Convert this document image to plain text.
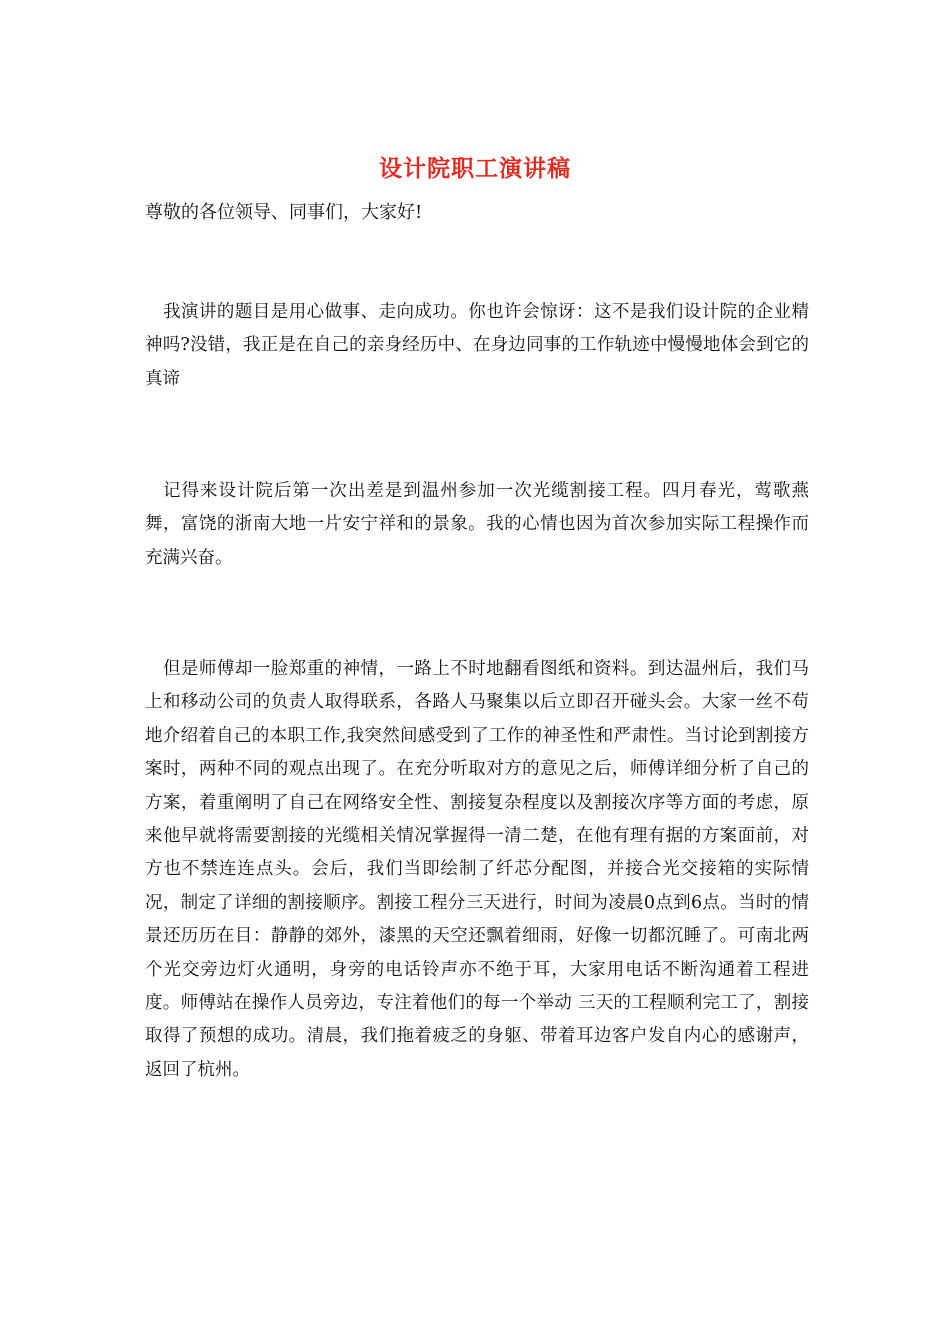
设计院职工演讲稿
尊敬的各位领导、同事们，大家好!

我演讲的题目是用心做事、走向成功。你也许会惊讶：这不是我们设计院的企业精神吗?没错，我正是在自己的亲身经历中、在身边同事的工作轨迹中慢慢地体会到它的真谛

记得来设计院后第一次出差是到温州参加一次光缆割接工程。四月春光，莺歌燕舞，富饶的浙南大地一片安宁祥和的景象。我的心情也因为首次参加实际工程操作而充满兴奋。

但是师傅却一脸郑重的神情，一路上不时地翻看图纸和资料。到达温州后，我们马上和移动公司的负责人取得联系，各路人马聚集以后立即召开碰头会。大家一丝不苟地介绍着自己的本职工作,我突然间感受到了工作的神圣性和严肃性。当讨论到割接方案时，两种不同的观点出现了。在充分听取对方的意见之后，师傅详细分析了自己的方案，着重阐明了自己在网络安全性、割接复杂程度以及割接次序等方面的考虑，原来他早就将需要割接的光缆相关情况掌握得一清二楚，在他有理有据的方案面前，对方也不禁连连点头。会后，我们当即绘制了纤芯分配图，并接合光交接箱的实际情况，制定了详细的割接顺序。割接工程分三天进行，时间为凌晨0点到6点。当时的情景还历历在目：静静的郊外，漆黑的天空还飘着细雨，好像一切都沉睡了。可南北两个光交旁边灯火通明，身旁的电话铃声亦不绝于耳，大家用电话不断沟通着工程进度。师傅站在操作人员旁边，专注着他们的每一个举动 三天的工程顺利完工了，割接取得了预想的成功。清晨，我们拖着疲乏的身躯、带着耳边客户发自内心的感谢声，返回了杭州。
